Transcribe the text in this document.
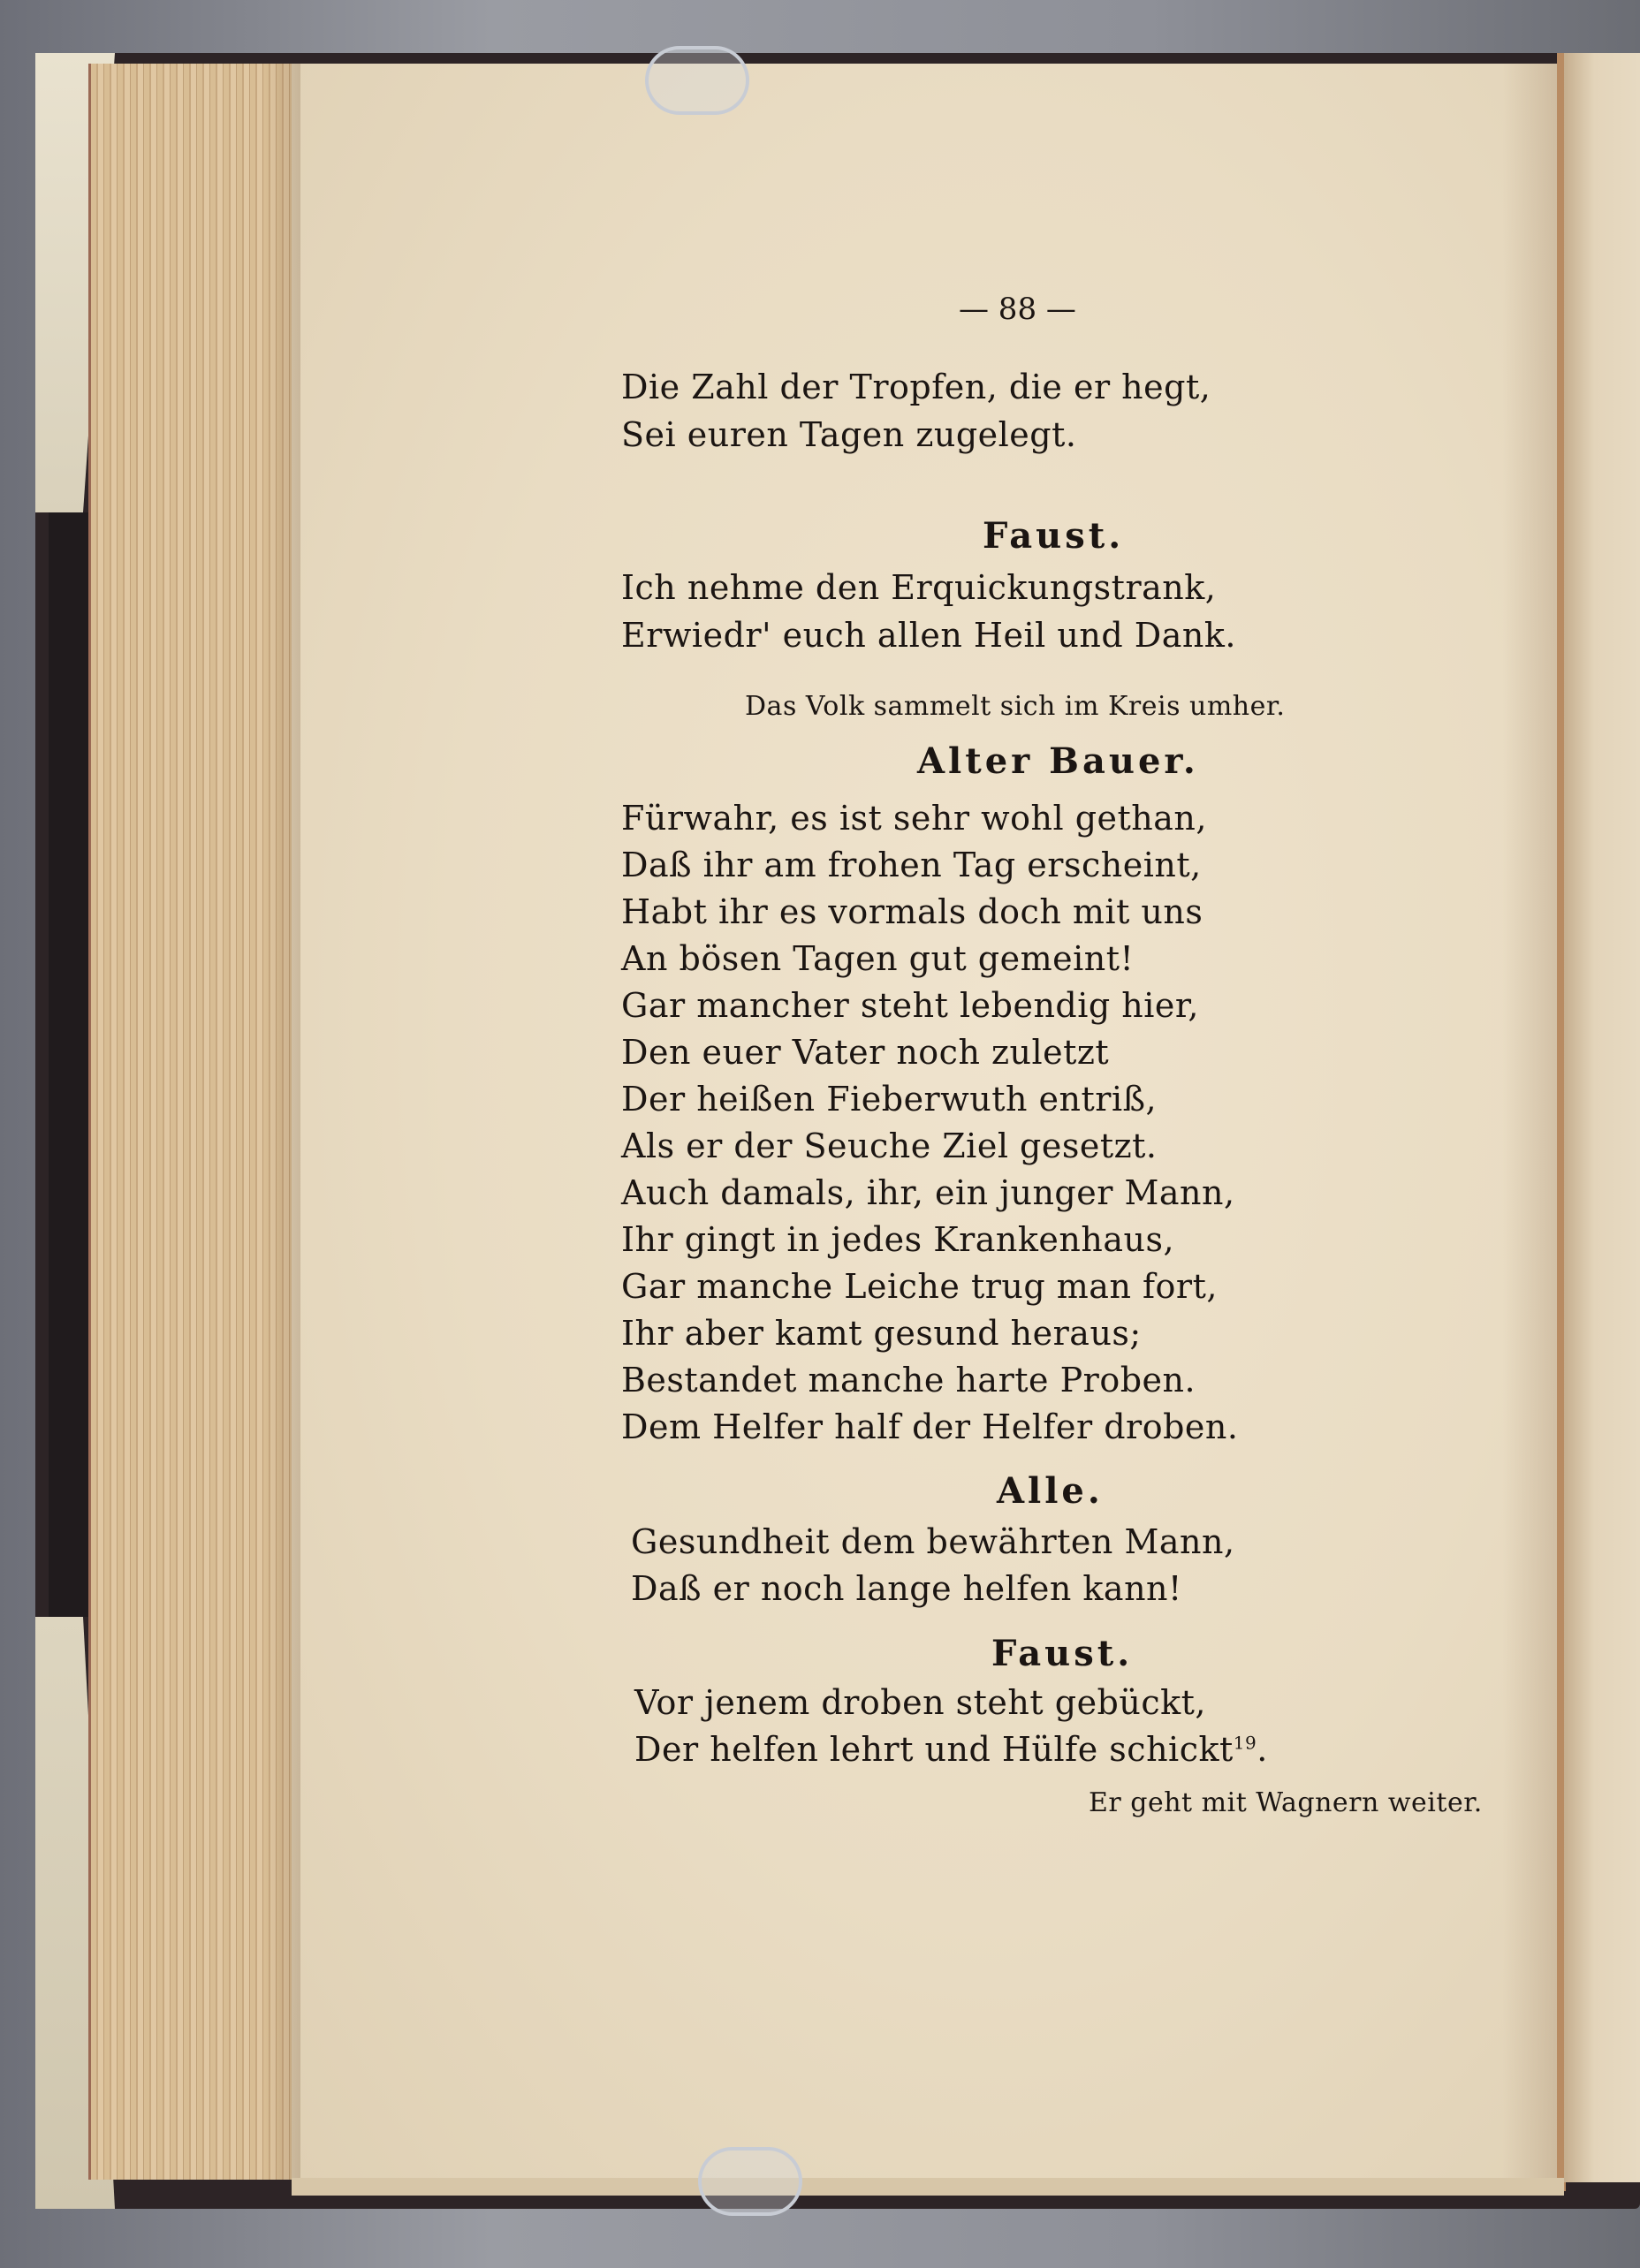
— 88 —
Die Zahl der Tropfen, die er hegt,
Sei euren Tagen zugelegt.
Faust.
Ich nehme den Erquickungstrank,
Erwiedr' euch allen Heil und Dank.
Das Volk sammelt sich im Kreis umher.
Alter Bauer.
Fürwahr, es ist sehr wohl gethan,
Daß ihr am frohen Tag erscheint,
Habt ihr es vormals doch mit uns
An bösen Tagen gut gemeint!
Gar mancher steht lebendig hier,
Den euer Vater noch zuletzt
Der heißen Fieberwuth entriß,
Als er der Seuche Ziel gesetzt.
Auch damals, ihr, ein junger Mann,
Ihr gingt in jedes Krankenhaus,
Gar manche Leiche trug man fort,
Ihr aber kamt gesund heraus;
Bestandet manche harte Proben.
Dem Helfer half der Helfer droben.
Alle.
Gesundheit dem bewährten Mann,
Daß er noch lange helfen kann!
Faust.
Vor jenem droben steht gebückt,
Der helfen lehrt und Hülfe schickt$^{19}$.
Er geht mit Wagnern weiter.
